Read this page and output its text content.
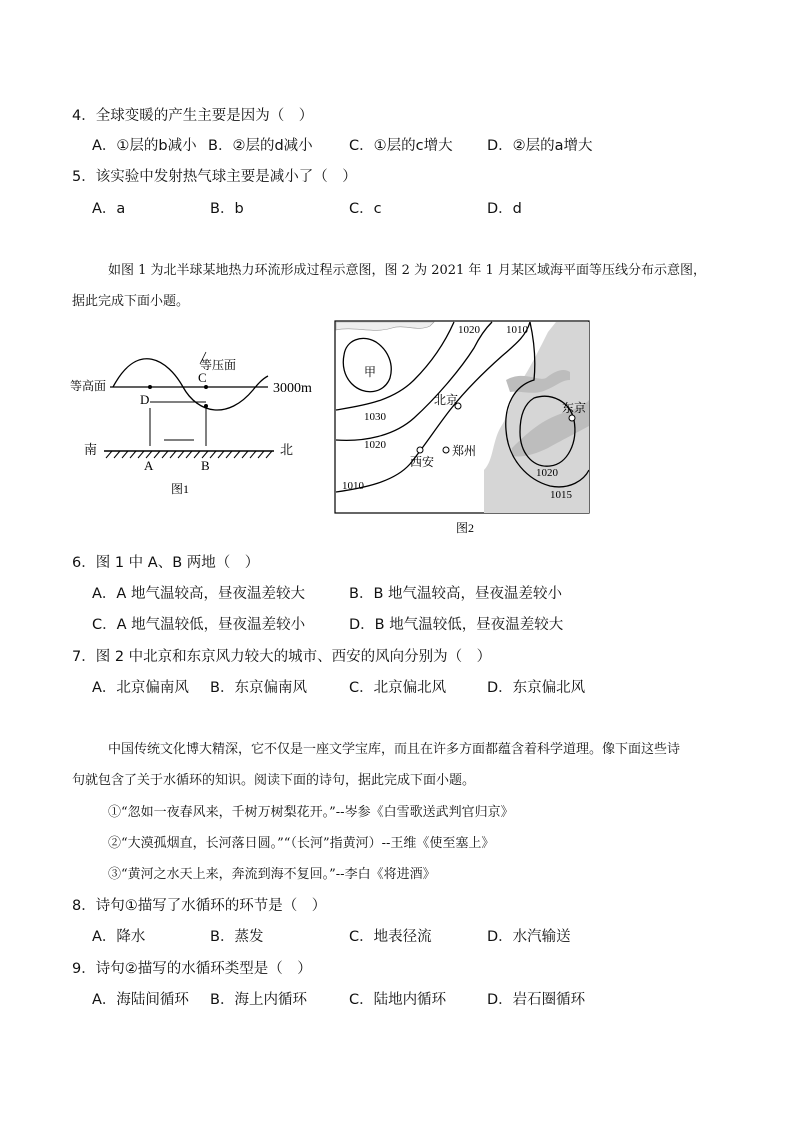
4．全球变暖的产生主要是因为（　）
A．①层的b减小 B．②层的d减小	C．①层的c增大 D．②层的a增大
5．该实验中发射热气球主要是减小了（　）
A．a	B．b	C．c	D．d
如图 1 为北半球某地热力环流形成过程示意图，图 2 为 2021 年 1 月某区域海平面等压线分布示意图，
据此完成下面小题。
等压面
等高面	3000m
C
D
南	北
A	B
图1
1020 1010
1030
1020
1010
1020
1015
甲
北京
西安
郑州
东京
图2
6．图 1 中 A、B 两地（　）
A．A 地气温较高，昼夜温差较大	B．B 地气温较高，昼夜温差较小
C．A 地气温较低，昼夜温差较小	D．B 地气温较低，昼夜温差较大
7．图 2 中北京和东京风力较大的城市、西安的风向分别为（　）
A．北京偏南风 B．东京偏南风	C．北京偏北风	D．东京偏北风
中国传统文化博大精深，它不仅是一座文学宝库，而且在许多方面都蕴含着科学道理。像下面这些诗
句就包含了关于水循环的知识。阅读下面的诗句，据此完成下面小题。
①“忽如一夜春风来，千树万树梨花开。”--岑参《白雪歌送武判官归京》
②“大漠孤烟直，长河落日圆。”“（长河”指黄河）--王维《使至塞上》
③“黄河之水天上来，奔流到海不复回。”--李白《将进酒》
8．诗句①描写了水循环的环节是（　）
A．降水	B．蒸发	C．地表径流	D．水汽输送
9．诗句②描写的水循环类型是（　）
A．海陆间循环 B．海上内循环	C．陆地内循环	D．岩石圈循环
